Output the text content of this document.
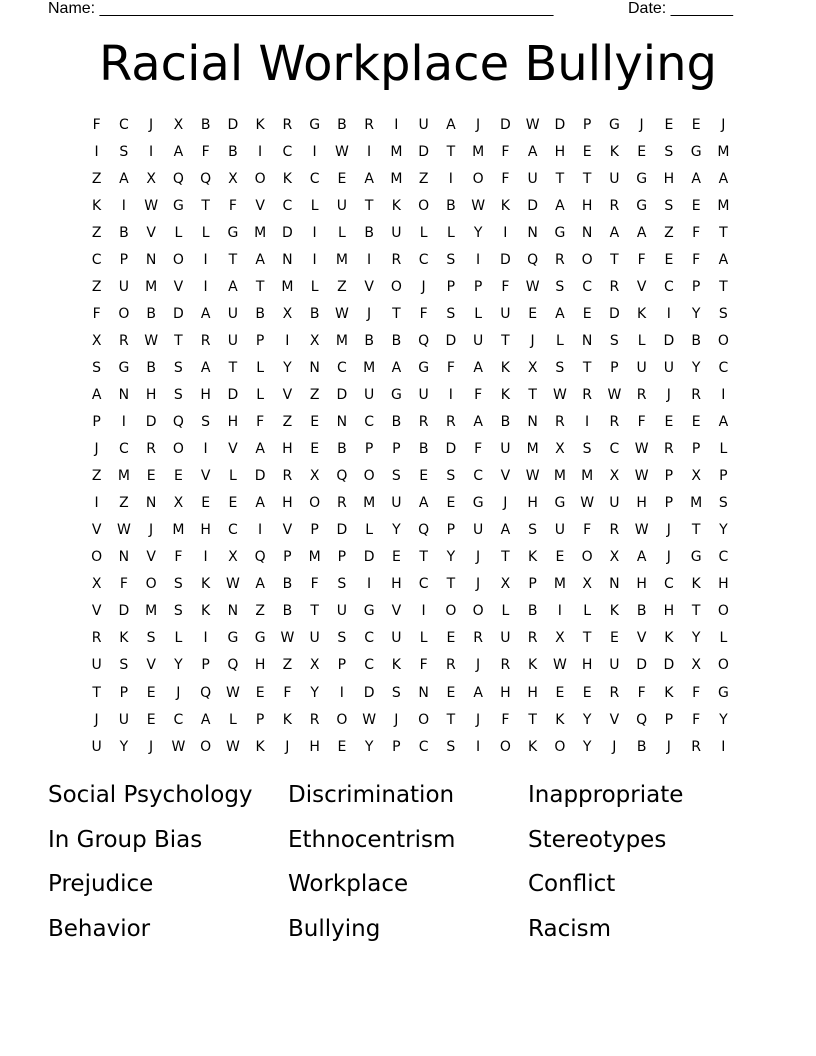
Name: ___________________________________________________	Date: _______
Racial Workplace Bullying
F	C	J	X	B	D	K	R	G	B	R	I	U	A	J	D	W	D	P	G	J	E	E	J
I	S	I	A	F	B	I	C	I	W	I	M	D	T	M	F	A	H	E	K	E	S	G	M
Z	A	X	Q	Q	X	O	K	C	E	A	M	Z	I	O	F	U	T	T	U	G	H	A	A
K	I	W	G	T	F	V	C	L	U	T	K	O	B	W	K	D	A	H	R	G	S	E	M
Z	B	V	L	L	G	M	D	I	L	B	U	L	L	Y	I	N	G	N	A	A	Z	F	T
C	P	N	O	I	T	A	N	I	M	I	R	C	S	I	D	Q	R	O	T	F	E	F	A
Z	U	M	V	I	A	T	M	L	Z	V	O	J	P	P	F	W	S	C	R	V	C	P	T
F	O	B	D	A	U	B	X	B	W	J	T	F	S	L	U	E	A	E	D	K	I	Y	S
X	R	W	T	R	U	P	I	X	M	B	B	Q	D	U	T	J	L	N	S	L	D	B	O
S	G	B	S	A	T	L	Y	N	C	M	A	G	F	A	K	X	S	T	P	U	U	Y	C
A	N	H	S	H	D	L	V	Z	D	U	G	U	I	F	K	T	W	R	W	R	J	R	I
P	I	D	Q	S	H	F	Z	E	N	C	B	R	R	A	B	N	R	I	R	F	E	E	A
J	C	R	O	I	V	A	H	E	B	P	P	B	D	F	U	M	X	S	C	W	R	P	L
Z	M	E	E	V	L	D	R	X	Q	O	S	E	S	C	V	W	M	M	X	W	P	X	P
I	Z	N	X	E	E	A	H	O	R	M	U	A	E	G	J	H	G	W	U	H	P	M	S
V	W	J	M	H	C	I	V	P	D	L	Y	Q	P	U	A	S	U	F	R	W	J	T	Y
O	N	V	F	I	X	Q	P	M	P	D	E	T	Y	J	T	K	E	O	X	A	J	G	C
X	F	O	S	K	W	A	B	F	S	I	H	C	T	J	X	P	M	X	N	H	C	K	H
V	D	M	S	K	N	Z	B	T	U	G	V	I	O	O	L	B	I	L	K	B	H	T	O
R	K	S	L	I	G	G	W	U	S	C	U	L	E	R	U	R	X	T	E	V	K	Y	L
U	S	V	Y	P	Q	H	Z	X	P	C	K	F	R	J	R	K	W	H	U	D	D	X	O
T	P	E	J	Q	W	E	F	Y	I	D	S	N	E	A	H	H	E	E	R	F	K	F	G
J	U	E	C	A	L	P	K	R	O	W	J	O	T	J	F	T	K	Y	V	Q	P	F	Y
U	Y	J	W	O	W	K	J	H	E	Y	P	C	S	I	O	K	O	Y	J	B	J	R	I
Social Psychology	Discrimination	Inappropriate
In Group Bias	Ethnocentrism	Stereotypes
Prejudice	Workplace	Conflict
Behavior	Bullying	Racism
